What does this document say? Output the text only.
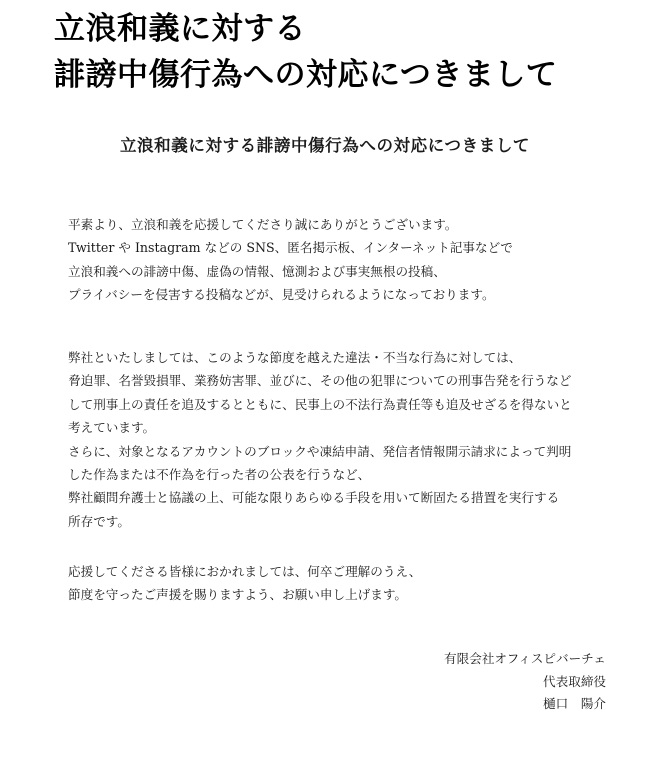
立浪和義に対する
誹謗中傷行為への対応につきまして
立浪和義に対する誹謗中傷行為への対応につきまして

平素より、立浪和義を応援してくださり誠にありがとうございます。
Twitter や Instagram などの SNS、匿名掲示板、インターネット記事などで
立浪和義への誹謗中傷、虚偽の情報、憶測および事実無根の投稿、
プライバシーを侵害する投稿などが、見受けられるようになっております。

弊社といたしましては、このような節度を越えた違法・不当な行為に対しては、
脅迫罪、名誉毀損罪、業務妨害罪、並びに、その他の犯罪についての刑事告発を行うなど
して刑事上の責任を追及するとともに、民事上の不法行為責任等も追及せざるを得ないと
考えています。
さらに、対象となるアカウントのブロックや凍結申請、発信者情報開示請求によって判明
した作為または不作為を行った者の公表を行うなど、
弊社顧問弁護士と協議の上、可能な限りあらゆる手段を用いて断固たる措置を実行する
所存です。

応援してくださる皆様におかれましては、何卒ご理解のうえ、
節度を守ったご声援を賜りますよう、お願い申し上げます。

有限会社オフィスピバーチェ
代表取締役
樋口　陽介
